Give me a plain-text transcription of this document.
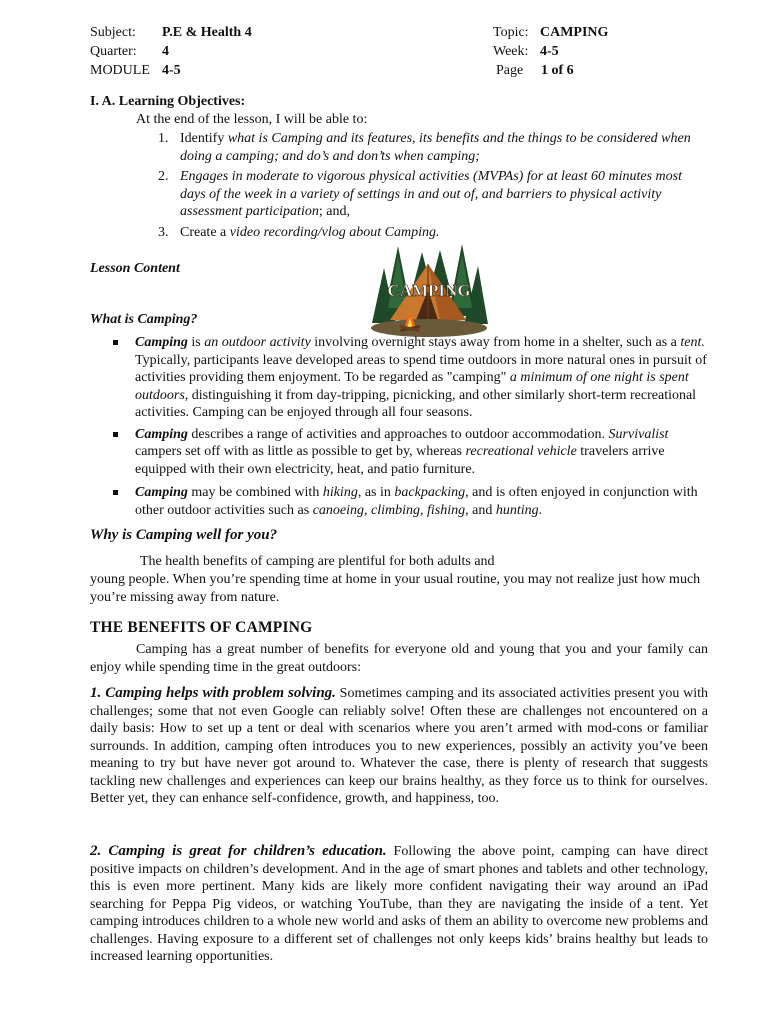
Subject: P.E & Health 4
Quarter: 4
MODULE 4-5
Topic: CAMPING
Week: 4-5
Page 1 of 6
I. A. Learning Objectives:
At the end of the lesson, I will be able to:
1. Identify what is Camping and its features, its benefits and the things to be considered when doing a camping; and do’s and don’ts when camping;
2. Engages in moderate to vigorous physical activities (MVPAs) for at least 60 minutes most days of the week in a variety of settings in and out of, and barriers to physical activity assessment participation; and,
3. Create a video recording/vlog about Camping.
Lesson Content
CAMPING
What is Camping?
Camping is an outdoor activity involving overnight stays away from home in a shelter, such as a tent. Typically, participants leave developed areas to spend time outdoors in more natural ones in pursuit of activities providing them enjoyment. To be regarded as "camping" a minimum of one night is spent outdoors, distinguishing it from day-tripping, picnicking, and other similarly short-term recreational activities. Camping can be enjoyed through all four seasons.
Camping describes a range of activities and approaches to outdoor accommodation. Survivalist campers set off with as little as possible to get by, whereas recreational vehicle travelers arrive equipped with their own electricity, heat, and patio furniture.
Camping may be combined with hiking, as in backpacking, and is often enjoyed in conjunction with other outdoor activities such as canoeing, climbing, fishing, and hunting.
Why is Camping well for you?
The health benefits of camping are plentiful for both adults and
young people. When you’re spending time at home in your usual routine, you may not realize just how much you’re missing away from nature.
THE BENEFITS OF CAMPING
Camping has a great number of benefits for everyone old and young that you and your family can enjoy while spending time in the great outdoors:
1. Camping helps with problem solving. Sometimes camping and its associated activities present you with challenges; some that not even Google can reliably solve! Often these are challenges not encountered on a daily basis: How to set up a tent or deal with scenarios where you aren’t armed with mod-cons or familiar surrounds. In addition, camping often introduces you to new experiences, possibly an activity you’ve been meaning to try but have never got around to. Whatever the case, there is plenty of research that suggests tackling new challenges and experiences can keep our brains healthy, as they force us to think for ourselves. Better yet, they can enhance self-confidence, growth, and happiness, too.
2. Camping is great for children’s education. Following the above point, camping can have direct positive impacts on children’s development. And in the age of smart phones and tablets and other technology, this is even more pertinent. Many kids are likely more confident navigating their way around an iPad searching for Peppa Pig videos, or watching YouTube, than they are navigating the inside of a tent. Yet camping introduces children to a whole new world and asks of them an ability to overcome new problems and challenges. Having exposure to a different set of challenges not only keeps kids’ brains healthy but leads to increased learning opportunities.
